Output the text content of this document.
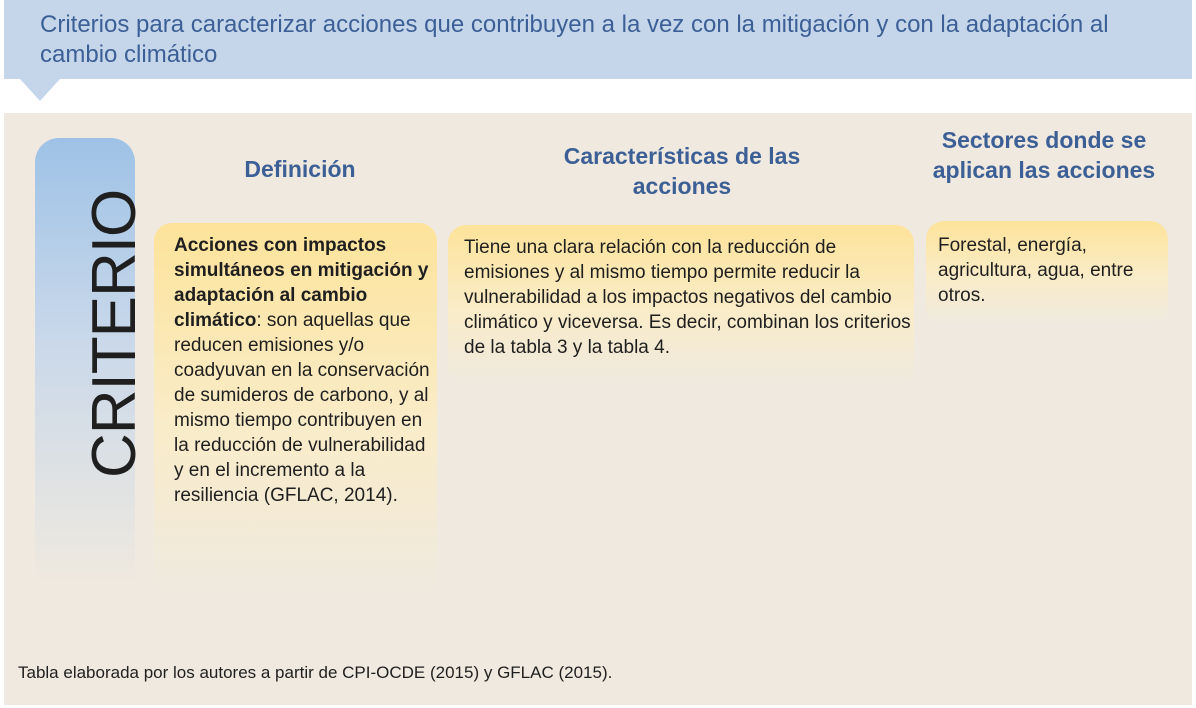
Criterios para caracterizar acciones que contribuyen a la vez con la mitigación y con la adaptación al cambio climático
CRITERIO
Definición	Características de las acciones
Sectores donde se aplican las acciones

Acciones con impactos simultáneos en mitigación y adaptación al cambio climático: son aquellas que reducen emisiones y/o coadyuvan en la conservación de sumideros de carbono, y al mismo tiempo contribuyen en la reducción de vulnerabilidad y en el incremento a la resiliencia (GFLAC, 2014).

Tiene una clara relación con la reducción de emisiones y al mismo tiempo permite reducir la vulnerabilidad a los impactos negativos del cambio climático y viceversa. Es decir, combinan los criterios de la tabla 3 y la tabla 4.

Forestal, energía, agricultura, agua, entre otros.

Tabla elaborada por los autores a partir de CPI-OCDE (2015) y GFLAC (2015).
